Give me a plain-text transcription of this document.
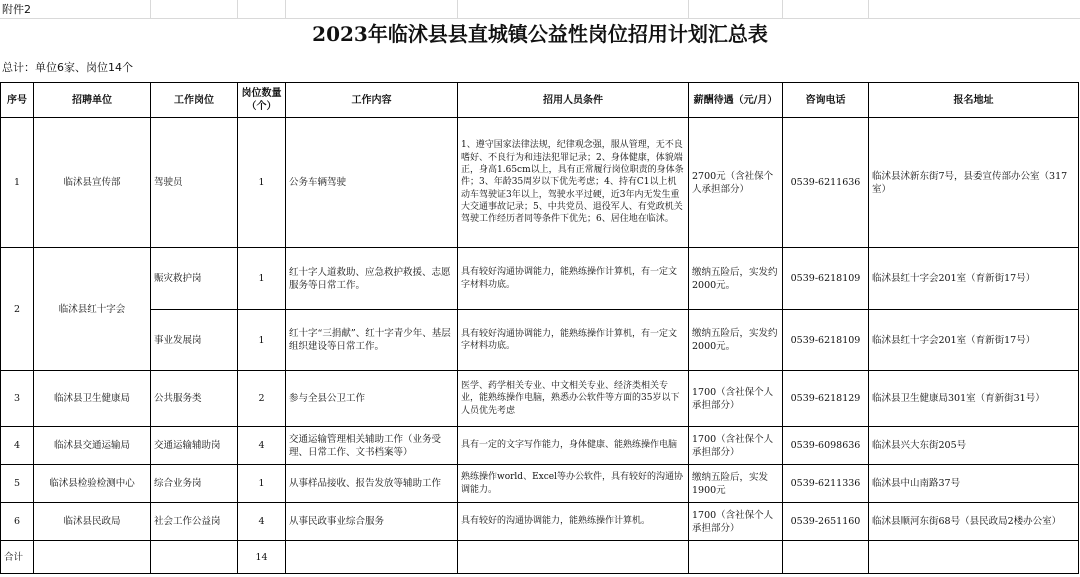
附件2
2023年临沭县县直城镇公益性岗位招用计划汇总表
总计：单位6家、岗位14个
序号	招聘单位	工作岗位	岗位数量（个）	工作内容	招用人员条件	薪酬待遇（元/月）	咨询电话	报名地址
1	临沭县宣传部	驾驶员	1	公务车辆驾驶	1、遵守国家法律法规，纪律观念强，服从管理，无不良嗜好、不良行为和违法犯罪记录；2、身体健康，体貌端正，身高1.65cm以上，具有正常履行岗位职责的身体条件；3、年龄35周岁以下优先考虑；4、持有C1以上机动车驾驶证3年以上，驾驶水平过硬，近3年内无发生重大交通事故记录；5、中共党员、退役军人、有党政机关驾驶工作经历者同等条件下优先；6、居住地在临沭。	2700元（含社保个人承担部分）	0539-6211636	临沭县沭新东街7号，县委宣传部办公室（317室）
2	临沭县红十字会	赈灾救护岗	1	红十字人道救助、应急救护救援、志愿服务等日常工作。	具有较好沟通协调能力，能熟练操作计算机，有一定文字材料功底。	缴纳五险后，实发约2000元。	0539-6218109	临沭县红十字会201室（育新街17号）
		事业发展岗	1	红十字“三捐献”、红十字青少年、基层组织建设等日常工作。	具有较好沟通协调能力，能熟练操作计算机，有一定文字材料功底。	缴纳五险后，实发约2000元。	0539-6218109	临沭县红十字会201室（育新街17号）
3	临沭县卫生健康局	公共服务类	2	参与全县公卫工作	医学、药学相关专业、中文相关专业、经济类相关专业，能熟练操作电脑，熟悉办公软件等方面的35岁以下人员优先考虑	1700（含社保个人承担部分）	0539-6218129	临沭县卫生健康局301室（育新街31号）
4	临沭县交通运输局	交通运输辅助岗	4	交通运输管理相关辅助工作（业务受理、日常工作、文书档案等）	具有一定的文字写作能力，身体健康、能熟练操作电脑	1700（含社保个人承担部分）	0539-6098636	临沭县兴大东街205号
5	临沭县检验检测中心	综合业务岗	1	从事样品接收、报告发放等辅助工作	熟练操作world、Excel等办公软件，具有较好的沟通协调能力。	缴纳五险后，实发1900元	0539-6211336	临沭县中山南路37号
6	临沭县民政局	社会工作公益岗	4	从事民政事业综合服务	具有较好的沟通协调能力，能熟练操作计算机。	1700（含社保个人承担部分）	0539-2651160	临沭县顺河东街68号（县民政局2楼办公室）
合计			14					
